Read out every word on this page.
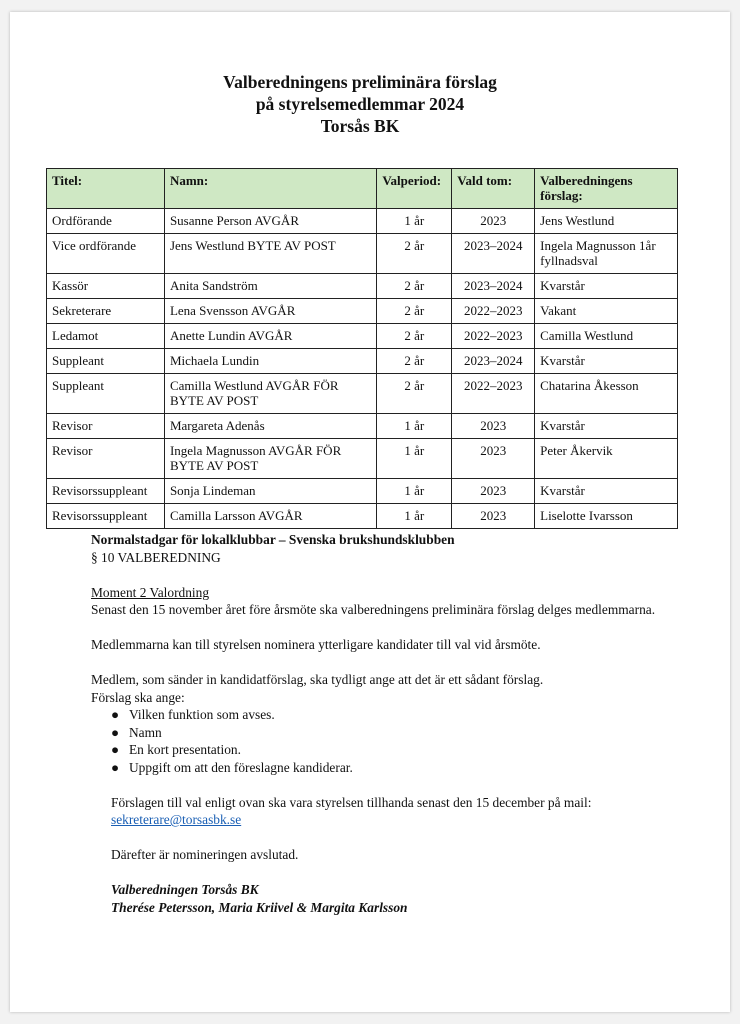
Valberedningens preliminära förslag
på styrelsemedlemmar 2024
Torsås BK
Titel:	Namn:	Valperiod:	Vald tom:	Valberedningens förslag:
Ordförande	Susanne Person AVGÅR	1 år	2023	Jens Westlund
Vice ordförande	Jens Westlund BYTE AV POST	2 år	2023–2024	Ingela Magnusson 1år fyllnadsval
Kassör	Anita Sandström	2 år	2023–2024	Kvarstår
Sekreterare	Lena Svensson AVGÅR	2 år	2022–2023	Vakant
Ledamot	Anette Lundin AVGÅR	2 år	2022–2023	Camilla Westlund
Suppleant	Michaela Lundin	2 år	2023–2024	Kvarstår
Suppleant	Camilla Westlund AVGÅR FÖR BYTE AV POST	2 år	2022–2023	Chatarina Åkesson
Revisor	Margareta Adenås	1 år	2023	Kvarstår
Revisor	Ingela Magnusson AVGÅR FÖR BYTE AV POST	1 år	2023	Peter Åkervik
Revisorssuppleant	Sonja Lindeman	1 år	2023	Kvarstår
Revisorssuppleant	Camilla Larsson AVGÅR	1 år	2023	Liselotte Ivarsson

Normalstadgar för lokalklubbar – Svenska brukshundsklubben

§ 10 VALBEREDNING

Moment 2 Valordning

Senast den 15 november året före årsmöte ska valberedningens preliminära förslag delges medlemmarna.

Medlemmarna kan till styrelsen nominera ytterligare kandidater till val vid årsmöte.

Medlem, som sänder in kandidatförslag, ska tydligt ange att det är ett sådant förslag.

Förslag ska ange:

● Vilken funktion som avses.
● Namn
● En kort presentation.
● Uppgift om att den föreslagne kandiderar.

Förslagen till val enligt ovan ska vara styrelsen tillhanda senast den 15 december på mail:

sekreterare@torsasbk.se

Därefter är nomineringen avslutad.

Valberedningen Torsås BK

Therése Petersson, Maria Kriivel & Margita Karlsson
